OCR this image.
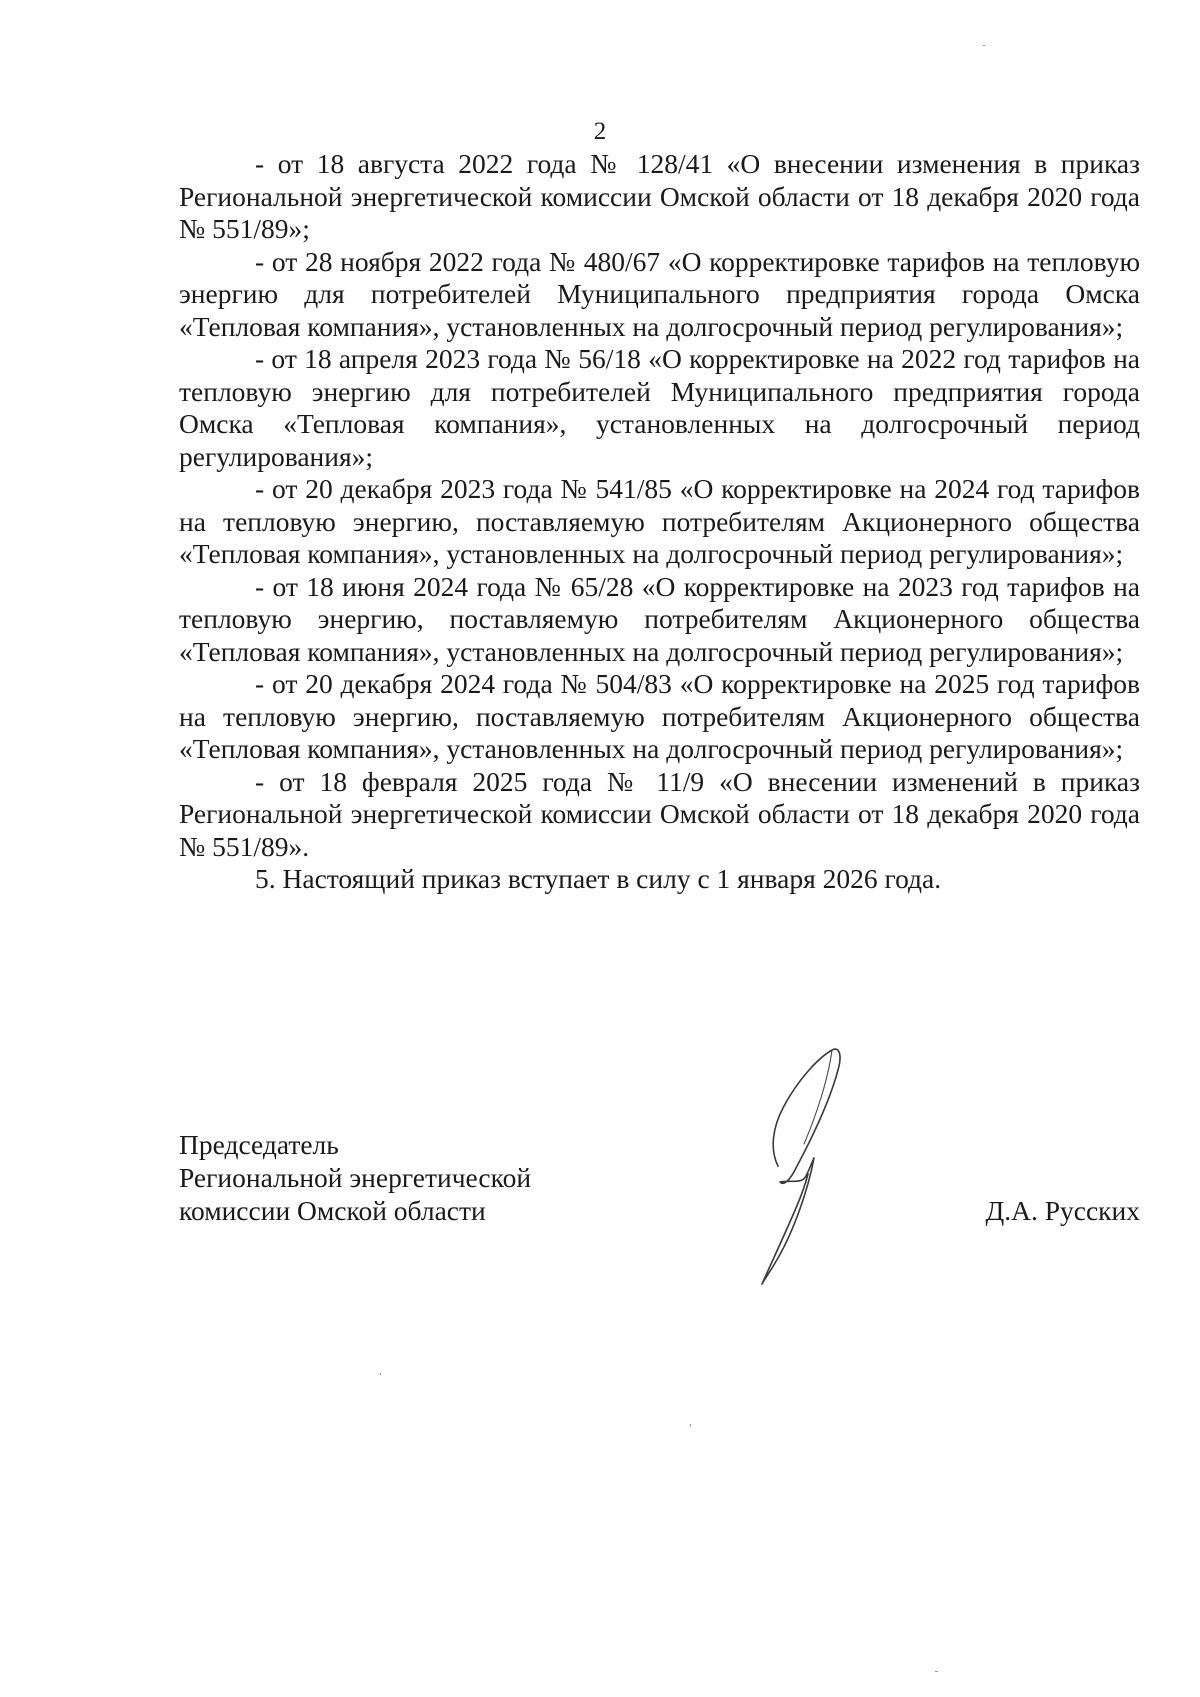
2

- от 18 августа 2022 года № 128/41 «О внесении изменения в приказ Региональной энергетической комиссии Омской области от 18 декабря 2020 года № 551/89»;

- от 28 ноября 2022 года № 480/67 «О корректировке тарифов на тепловую энергию для потребителей Муниципального предприятия города Омска «Тепловая компания», установленных на долгосрочный период регулирования»;

- от 18 апреля 2023 года № 56/18 «О корректировке на 2022 год тарифов на тепловую энергию для потребителей Муниципального предприятия города Омска «Тепловая компания», установленных на долгосрочный период регулирования»;

- от 20 декабря 2023 года № 541/85 «О корректировке на 2024 год тарифов на тепловую энергию, поставляемую потребителям Акционерного общества «Тепловая компания», установленных на долгосрочный период регулирования»;

- от 18 июня 2024 года № 65/28 «О корректировке на 2023 год тарифов на тепловую энергию, поставляемую потребителям Акционерного общества «Тепловая компания», установленных на долгосрочный период регулирования»;

- от 20 декабря 2024 года № 504/83 «О корректировке на 2025 год тарифов на тепловую энергию, поставляемую потребителям Акционерного общества «Тепловая компания», установленных на долгосрочный период регулирования»;

- от 18 февраля 2025 года № 11/9 «О внесении изменений в приказ Региональной энергетической комиссии Омской области от 18 декабря 2020 года № 551/89».

5. Настоящий приказ вступает в силу с 1 января 2026 года.

Председатель
Региональной энергетической
комиссии Омской области	Д.А. Русских
